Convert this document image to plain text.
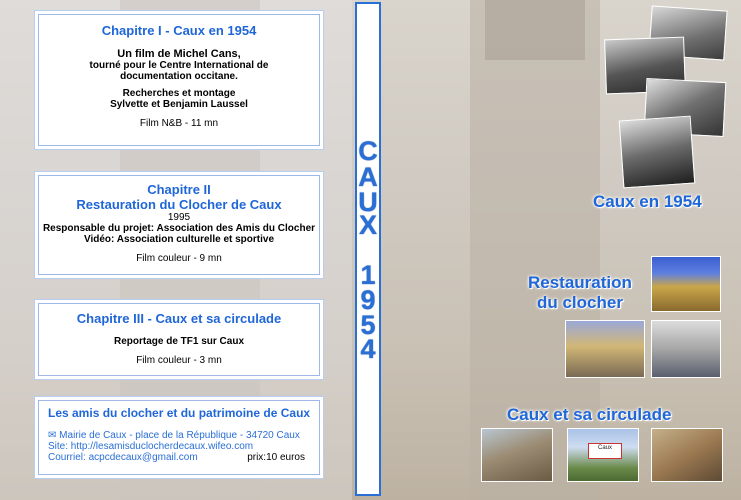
Chapitre I - Caux en 1954
Un film de Michel Cans,
tourné pour le Centre International de documentation occitane.
Recherches et montage
Sylvette et Benjamin Laussel
Film N&B - 11 mn
Chapitre II
Restauration du Clocher de Caux
1995
Responsable du projet: Association des Amis du Clocher
Vidéo: Association culturelle et sportive
Film couleur - 9 mn
Chapitre III - Caux et sa circulade
Reportage de TF1 sur Caux
Film couleur - 3 mn
Les amis du clocher et du patrimoine de Caux
✉ Mairie de Caux - place de la République - 34720 Caux
Site: http://lesamisduclocherdecaux.wifeo.com
Courriel: acpcdecaux@gmail.com	prix:10 euros
C
A
U
X
1
9
5
4
Caux en 1954
Restauration
du clocher
Caux et sa circulade
Caux
